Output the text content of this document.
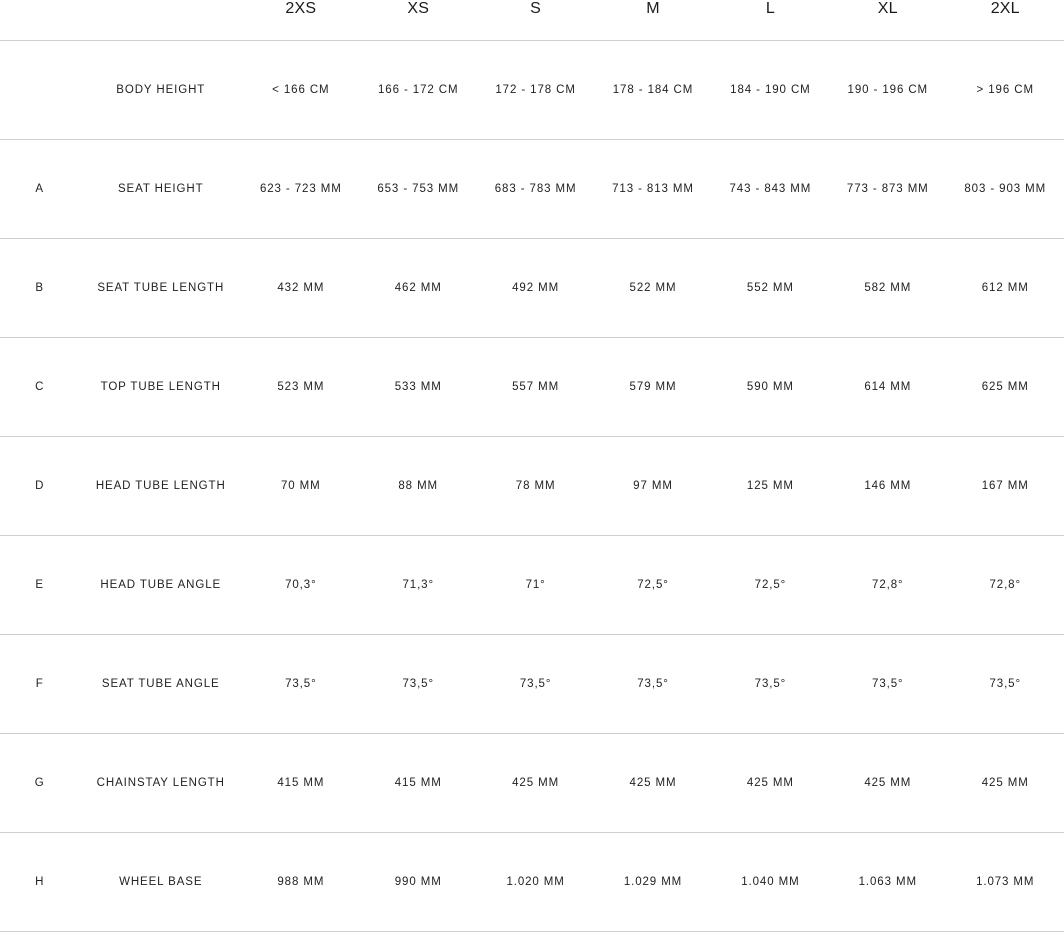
		2XS	XS	S	M	L	XL	2XL
	BODY HEIGHT	< 166 CM	166 - 172 CM	172 - 178 CM	178 - 184 CM	184 - 190 CM	190 - 196 CM	> 196 CM
A	SEAT HEIGHT	623 - 723 MM	653 - 753 MM	683 - 783 MM	713 - 813 MM	743 - 843 MM	773 - 873 MM	803 - 903 MM
B	SEAT TUBE LENGTH	432 MM	462 MM	492 MM	522 MM	552 MM	582 MM	612 MM
C	TOP TUBE LENGTH	523 MM	533 MM	557 MM	579 MM	590 MM	614 MM	625 MM
D	HEAD TUBE LENGTH	70 MM	88 MM	78 MM	97 MM	125 MM	146 MM	167 MM
E	HEAD TUBE ANGLE	70,3°	71,3°	71°	72,5°	72,5°	72,8°	72,8°
F	SEAT TUBE ANGLE	73,5°	73,5°	73,5°	73,5°	73,5°	73,5°	73,5°
G	CHAINSTAY LENGTH	415 MM	415 MM	425 MM	425 MM	425 MM	425 MM	425 MM
H	WHEEL BASE	988 MM	990 MM	1.020 MM	1.029 MM	1.040 MM	1.063 MM	1.073 MM
